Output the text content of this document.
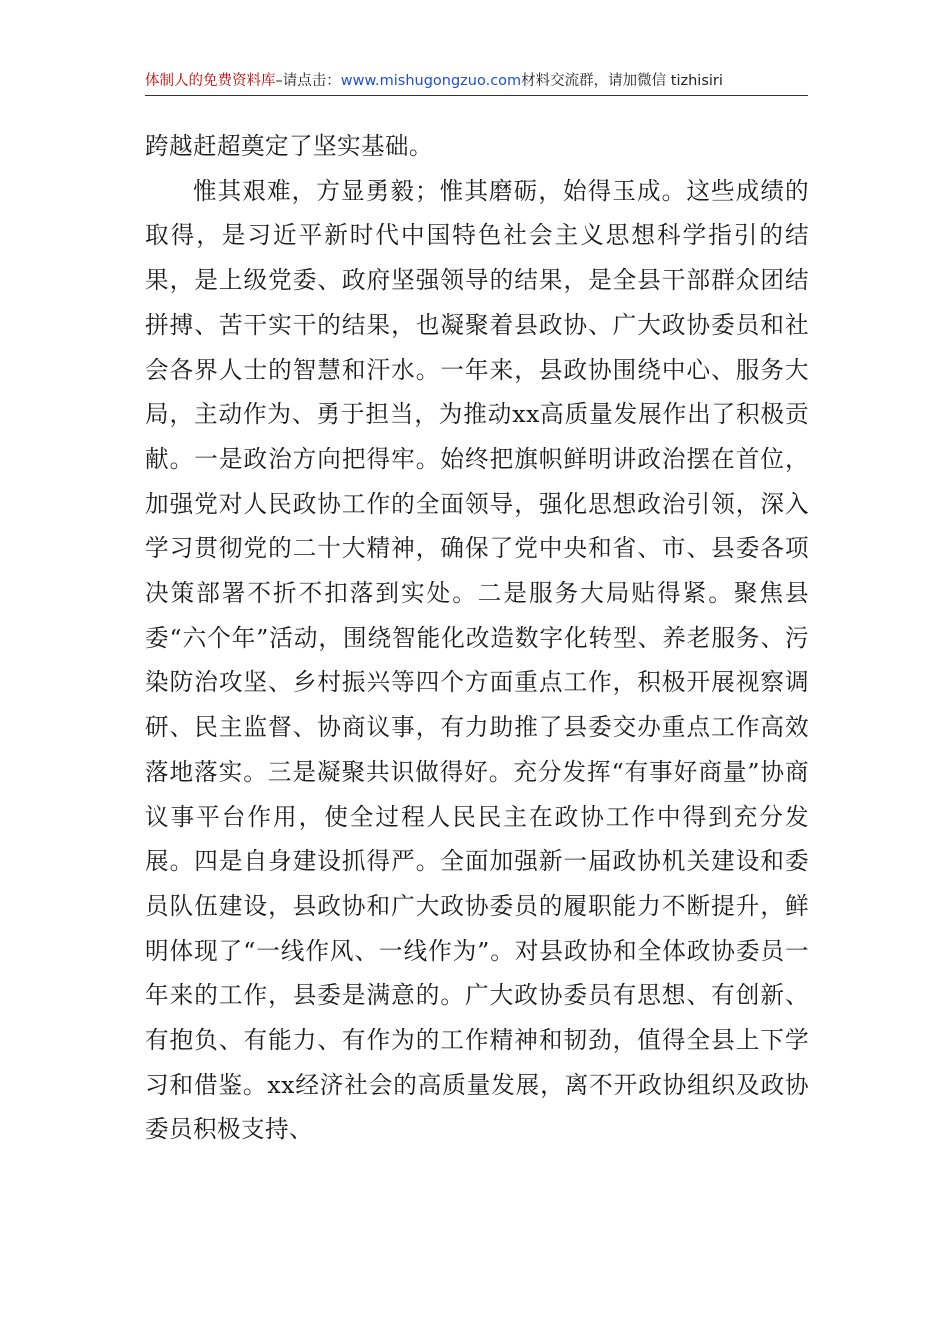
体制人的免费资料库–请点击：www.mishugongzuo.com材料交流群，请加微信 tizhisiri

跨越赶超奠定了坚实基础。

惟其艰难，方显勇毅；惟其磨砺，始得玉成。这些成绩的取得，是习近平新时代中国特色社会主义思想科学指引的结果，是上级党委、政府坚强领导的结果，是全县干部群众团结拼搏、苦干实干的结果，也凝聚着县政协、广大政协委员和社会各界人士的智慧和汗水。一年来，县政协围绕中心、服务大局，主动作为、勇于担当，为推动xx高质量发展作出了积极贡献。一是政治方向把得牢。始终把旗帜鲜明讲政治摆在首位，加强党对人民政协工作的全面领导，强化思想政治引领，深入学习贯彻党的二十大精神，确保了党中央和省、市、县委各项决策部署不折不扣落到实处。二是服务大局贴得紧。聚焦县委“六个年”活动，围绕智能化改造数字化转型、养老服务、污染防治攻坚、乡村振兴等四个方面重点工作，积极开展视察调研、民主监督、协商议事，有力助推了县委交办重点工作高效落地落实。三是凝聚共识做得好。充分发挥“有事好商量”协商议事平台作用，使全过程人民民主在政协工作中得到充分发展。四是自身建设抓得严。全面加强新一届政协机关建设和委员队伍建设，县政协和广大政协委员的履职能力不断提升，鲜明体现了“一线作风、一线作为”。对县政协和全体政协委员一年来的工作，县委是满意的。广大政协委员有思想、有创新、有抱负、有能力、有作为的工作精神和韧劲，值得全县上下学习和借鉴。xx经济社会的高质量发展，离不开政协组织及政协委员积极支持、
